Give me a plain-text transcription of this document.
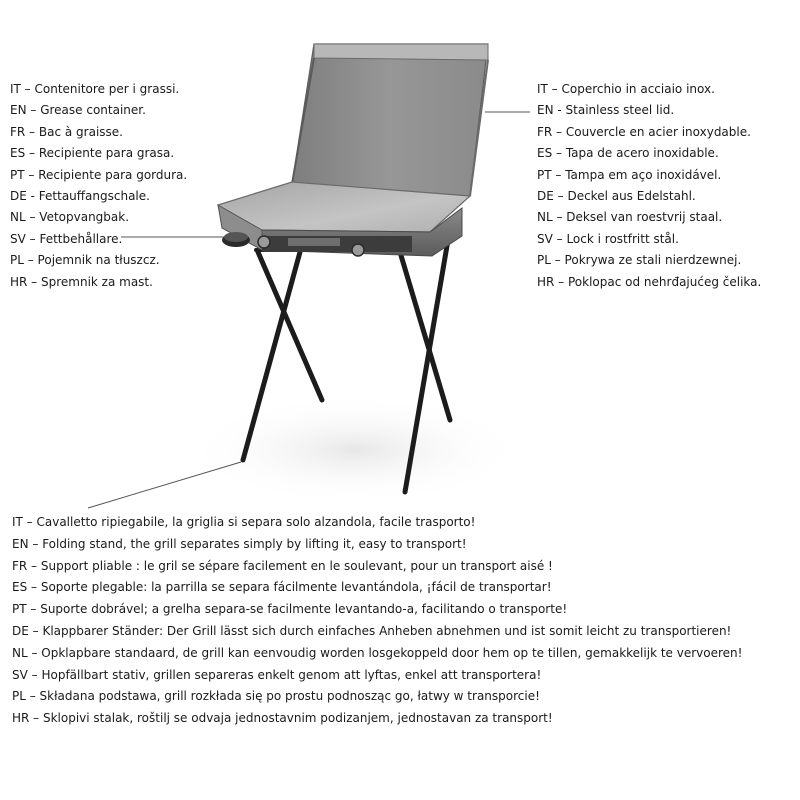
IT – Contenitore per i grassi.
EN – Grease container.
FR – Bac à graisse.
ES – Recipiente para grasa.
PT – Recipiente para gordura.
DE - Fettauffangschale.
NL – Vetopvangbak.
SV – Fettbehållare.
PL – Pojemnik na tłuszcz.
HR – Spremnik za mast.
IT – Coperchio in acciaio inox.
EN - Stainless steel lid.
FR – Couvercle en acier inoxydable.
ES – Tapa de acero inoxidable.
PT – Tampa em aço inoxidável.
DE – Deckel aus Edelstahl.
NL – Deksel van roestvrij staal.
SV – Lock i rostfritt stål.
PL – Pokrywa ze stali nierdzewnej.
HR – Poklopac od nehrđajućeg čelika.
IT – Cavalletto ripiegabile, la griglia si separa solo alzandola, facile trasporto!
EN – Folding stand, the grill separates simply by lifting it, easy to transport!
FR – Support pliable : le gril se sépare facilement en le soulevant, pour un transport aisé !
ES – Soporte plegable: la parrilla se separa fácilmente levantándola, ¡fácil de transportar!
PT – Suporte dobrável; a grelha separa-se facilmente levantando-a, facilitando o transporte!
DE – Klappbarer Ständer: Der Grill lässt sich durch einfaches Anheben abnehmen und ist somit leicht zu transportieren!
NL – Opklapbare standaard, de grill kan eenvoudig worden losgekoppeld door hem op te tillen, gemakkelijk te vervoeren!
SV – Hopfällbart stativ, grillen separeras enkelt genom att lyftas, enkel att transportera!
PL – Składana podstawa, grill rozkłada się po prostu podnosząc go, łatwy w transporcie!
HR – Sklopivi stalak, roštilj se odvaja jednostavnim podizanjem, jednostavan za transport!
